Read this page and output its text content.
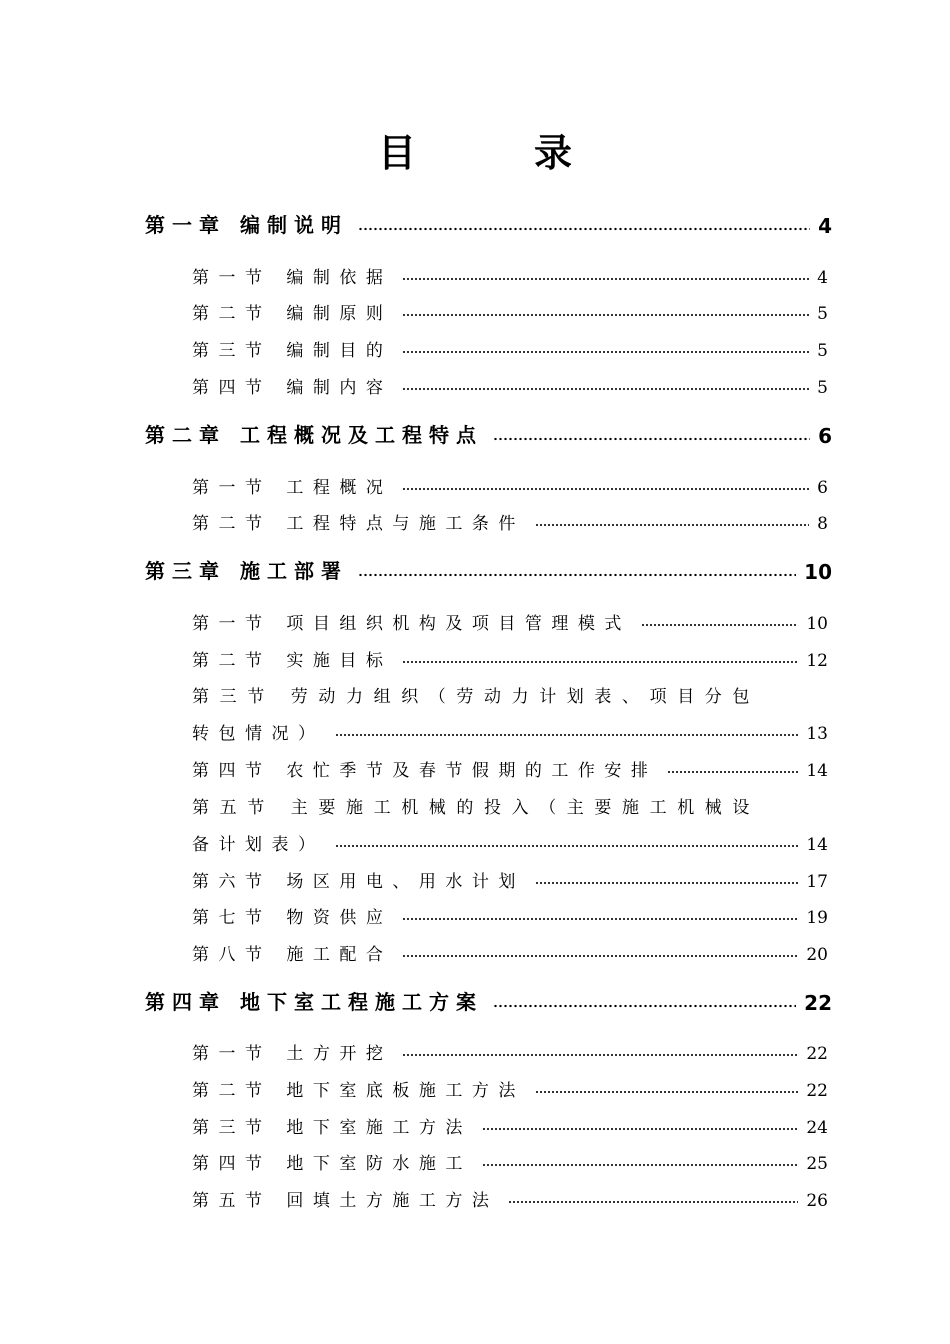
目	录
第一章 编制说明	4
第一节 编制依据	4
第二节 编制原则	5
第三节 编制目的	5
第四节 编制内容	5
第二章 工程概况及工程特点	6
第一节 工程概况	6
第二节 工程特点与施工条件	8
第三章 施工部署	10
第一节 项目组织机构及项目管理模式	10
第二节 实施目标	12
第三节 劳动力组织（劳动力计划表、项目分包
转包情况）	13
第四节 农忙季节及春节假期的工作安排	14
第五节 主要施工机械的投入（主要施工机械设
备计划表）	14
第六节 场区用电、用水计划	17
第七节 物资供应	19
第八节 施工配合	20
第四章 地下室工程施工方案	22
第一节 土方开挖	22
第二节 地下室底板施工方法	22
第三节 地下室施工方法	24
第四节 地下室防水施工	25
第五节 回填土方施工方法	26
